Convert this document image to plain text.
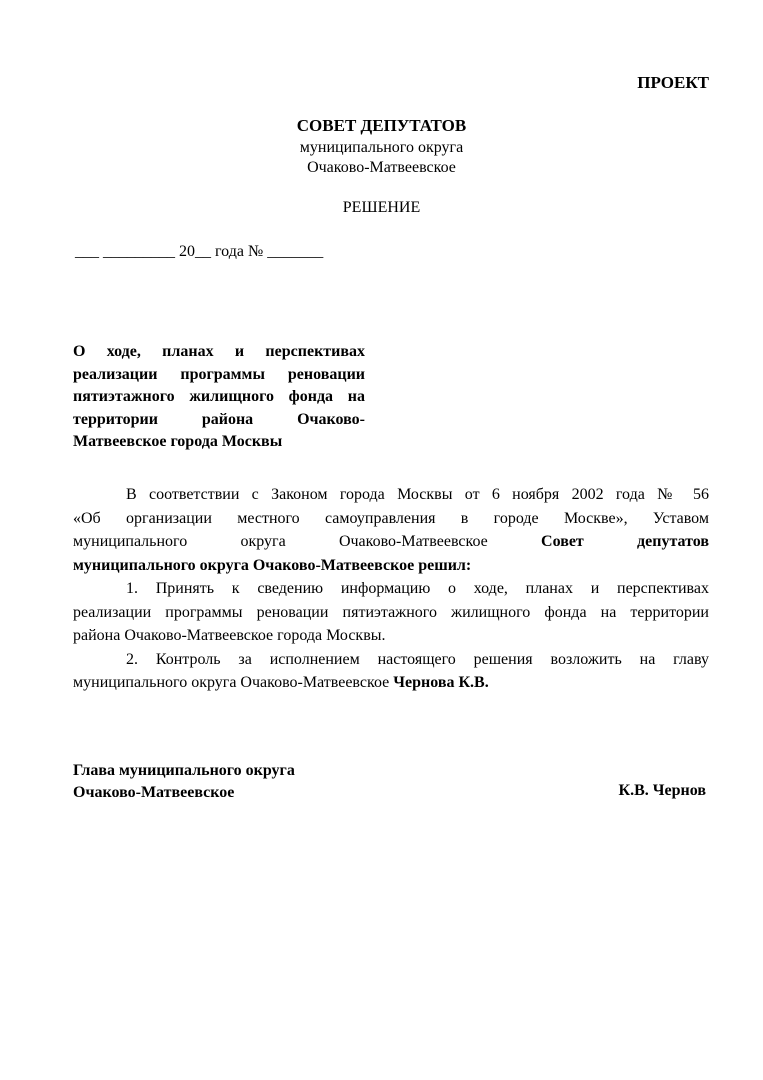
ПРОЕКТ
СОВЕТ ДЕПУТАТОВ
муниципального округа
Очаково-Матвеевское
РЕШЕНИЕ
___ _________ 20__ года № _______
О ходе, планах и перспективах
реализации программы реновации
пятиэтажного жилищного фонда на
территории района Очаково-
Матвеевское города Москвы
В соответствии с Законом города Москвы от 6 ноября 2002 года № 56
«Об организации местного самоуправления в городе Москве», Уставом
муниципального округа Очаково-Матвеевское	Совет депутатов
муниципального округа Очаково-Матвеевское решил:
1. Принять к сведению информацию о ходе, планах и перспективах
реализации программы реновации пятиэтажного жилищного фонда на территории
района Очаково-Матвеевское города Москвы.
2. Контроль за исполнением настоящего решения возложить на главу
муниципального округа Очаково-Матвеевское Чернова К.В.
Глава муниципального округа
Очаково-Матвеевское	К.В. Чернов
